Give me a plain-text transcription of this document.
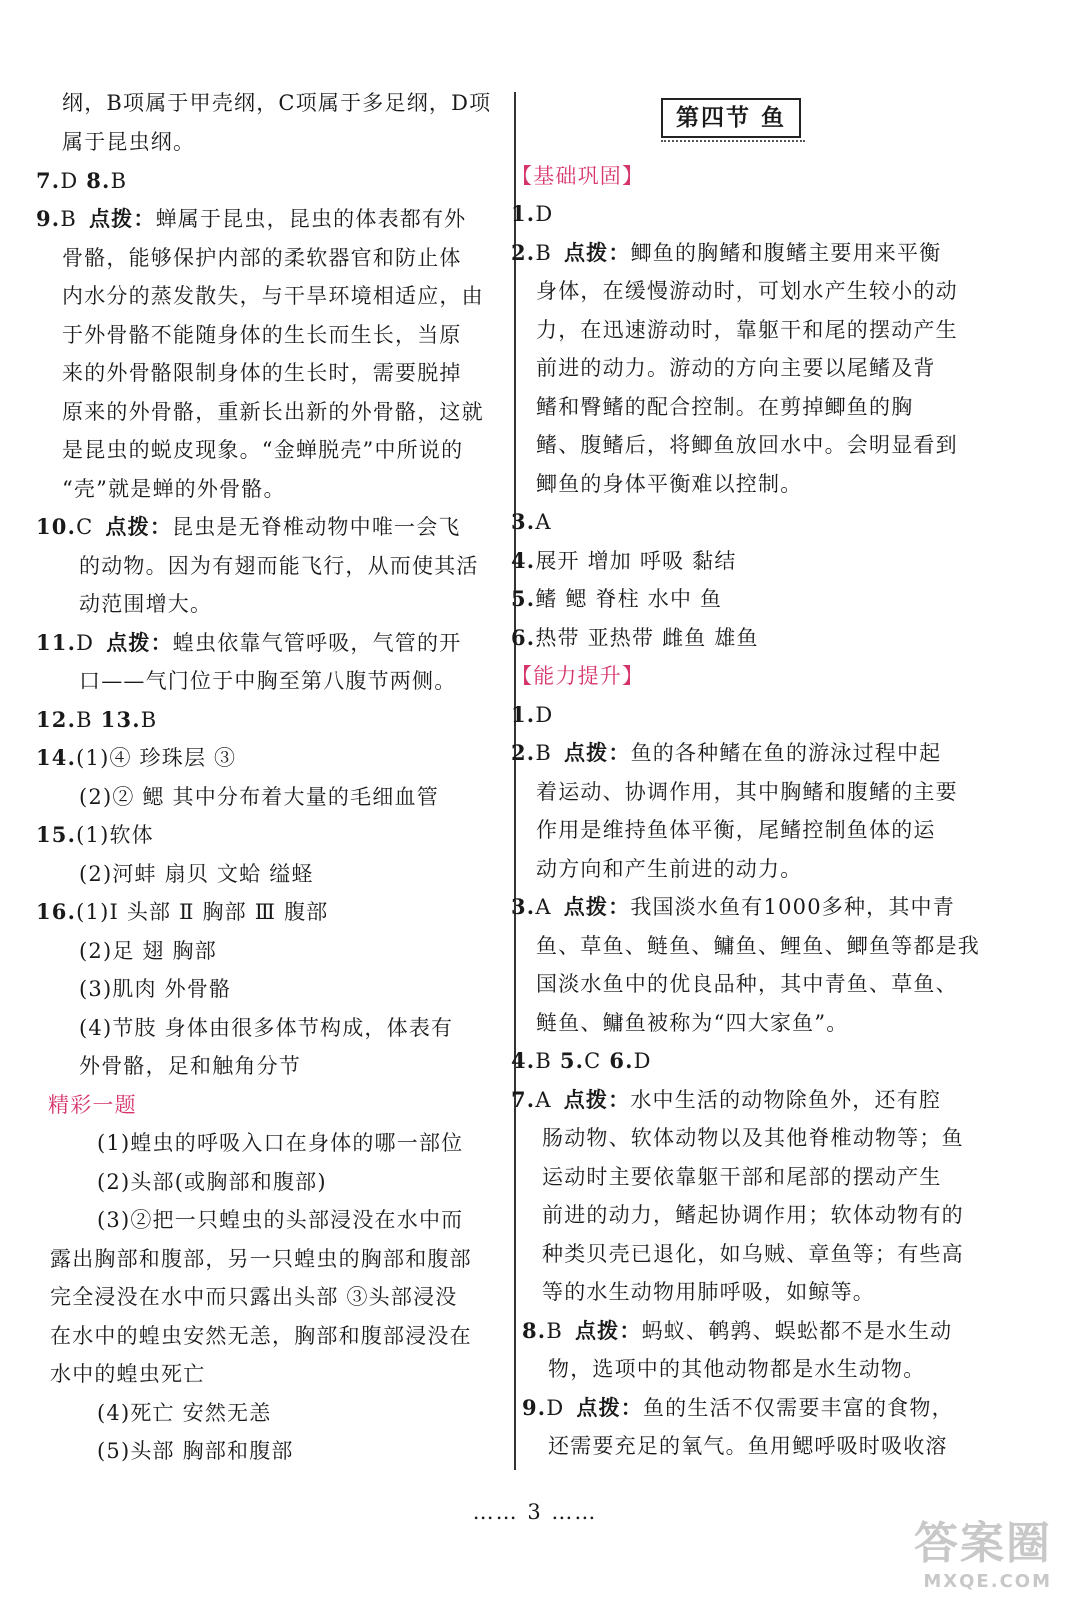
纲，B项属于甲壳纲，C项属于多足纲，D项
属于昆虫纲。
7.D 8.B
9.B 点拨：蝉属于昆虫，昆虫的体表都有外
骨骼，能够保护内部的柔软器官和防止体
内水分的蒸发散失，与干旱环境相适应，由
于外骨骼不能随身体的生长而生长，当原
来的外骨骼限制身体的生长时，需要脱掉
原来的外骨骼，重新长出新的外骨骼，这就
是昆虫的蜕皮现象。“金蝉脱壳”中所说的
“壳”就是蝉的外骨骼。
10.C 点拨：昆虫是无脊椎动物中唯一会飞
的动物。因为有翅而能飞行，从而使其活
动范围增大。
11.D 点拨：蝗虫依靠气管呼吸，气管的开
口——气门位于中胸至第八腹节两侧。
12.B 13.B
14.(1)④ 珍珠层 ③
(2)② 鳃 其中分布着大量的毛细血管
15.(1)软体
(2)河蚌 扇贝 文蛤 缢蛏
16.(1)Ⅰ 头部 Ⅱ 胸部 Ⅲ 腹部
(2)足 翅 胸部
(3)肌肉 外骨骼
(4)节肢 身体由很多体节构成，体表有
外骨骼，足和触角分节
精彩一题
(1)蝗虫的呼吸入口在身体的哪一部位
(2)头部(或胸部和腹部)
(3)②把一只蝗虫的头部浸没在水中而
露出胸部和腹部，另一只蝗虫的胸部和腹部
完全浸没在水中而只露出头部 ③头部浸没
在水中的蝗虫安然无恙，胸部和腹部浸没在
水中的蝗虫死亡
(4)死亡 安然无恙
(5)头部 胸部和腹部
第四节 鱼
【基础巩固】
1.D
2.B 点拨：鲫鱼的胸鳍和腹鳍主要用来平衡
身体，在缓慢游动时，可划水产生较小的动
力，在迅速游动时，靠躯干和尾的摆动产生
前进的动力。游动的方向主要以尾鳍及背
鳍和臀鳍的配合控制。在剪掉鲫鱼的胸
鳍、腹鳍后，将鲫鱼放回水中。会明显看到
鲫鱼的身体平衡难以控制。
3.A
4.展开 增加 呼吸 黏结
5.鳍 鳃 脊柱 水中 鱼
6.热带 亚热带 雌鱼 雄鱼
【能力提升】
1.D
2.B 点拨：鱼的各种鳍在鱼的游泳过程中起
着运动、协调作用，其中胸鳍和腹鳍的主要
作用是维持鱼体平衡，尾鳍控制鱼体的运
动方向和产生前进的动力。
3.A 点拨：我国淡水鱼有1000多种，其中青
鱼、草鱼、鲢鱼、鳙鱼、鲤鱼、鲫鱼等都是我
国淡水鱼中的优良品种，其中青鱼、草鱼、
鲢鱼、鳙鱼被称为“四大家鱼”。
4.B 5.C 6.D
7.A 点拨：水中生活的动物除鱼外，还有腔
肠动物、软体动物以及其他脊椎动物等；鱼
运动时主要依靠躯干部和尾部的摆动产生
前进的动力，鳍起协调作用；软体动物有的
种类贝壳已退化，如乌贼、章鱼等；有些高
等的水生动物用肺呼吸，如鲸等。
8.B 点拨：蚂蚁、鹌鹑、蜈蚣都不是水生动
物，选项中的其他动物都是水生动物。
9.D 点拨：鱼的生活不仅需要丰富的食物，
还需要充足的氧气。鱼用鳃呼吸时吸收溶
…… 3 ……
答案圈
MXQE.COM
